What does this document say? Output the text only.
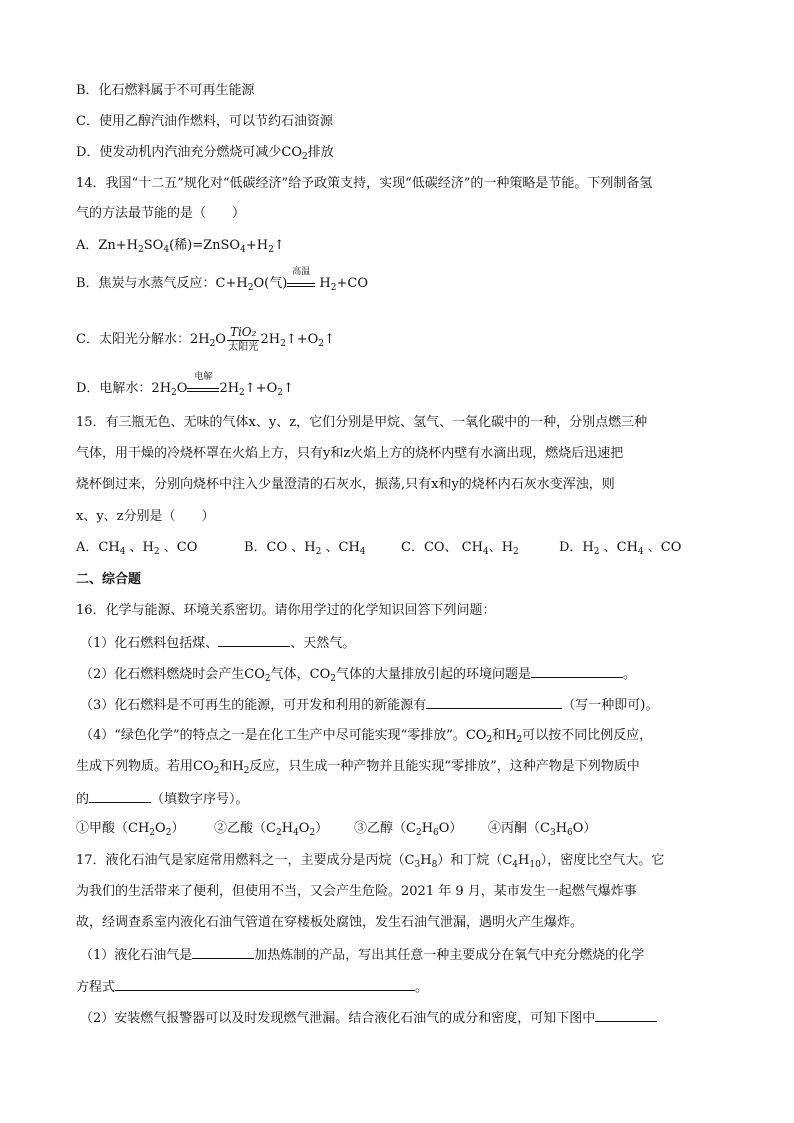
B．化石燃料属于不可再生能源
C．使用乙醇汽油作燃料，可以节约石油资源
D．使发动机内汽油充分燃烧可减少$CO_2$排放
14．我国“十二五”规化对“低碳经济”给予政策支持，实现“低碳经济”的一种策略是节能。下列制备氢
气的方法最节能的是（　　）
A．$Zn+H_2SO_4$(稀)$=ZnSO_4+H_2↑$
B．焦炭与水蒸气反应：$C+H_2O$(气)
高温
$H_2+CO$
C．太阳光分解水：$2H_2O \frac{\text{TiO₂}}{\text{太阳光}}$ $2H_2↑+O_2↑$
D．电解水：$2H_2O$
电解
$2H_2↑+O_2↑$
15．有三瓶无色、无味的气体x、y、z，它们分别是甲烷、氢气、一氧化碳中的一种，分别点燃三种
气体，用干燥的冷烧杯罩在火焰上方，只有y和z火焰上方的烧杯内壁有水滴出现，燃烧后迅速把
烧杯倒过来，分别向烧杯中注入少量澄清的石灰水，振荡,只有x和y的烧杯内石灰水变浑浊，则
x、y、z分别是（　　）
A．$CH_4$ 、$H_2$ 、CO	B．CO 、$H_2$ 、$CH_4$	C．CO、 $CH_4$、$H_2$	D．$H_2$ 、$CH_4$ 、CO
二、综合题
16．化学与能源、环境关系密切。请你用学过的化学知识回答下列问题：
（1）化石燃料包括煤、	、天然气。
（2）化石燃料燃烧时会产生$CO_2$气体，$CO_2$气体的大量排放引起的环境问题是	。
（3）化石燃料是不可再生的能源，可开发和利用的新能源有	（写一种即可)。
（4）“绿色化学”的特点之一是在化工生产中尽可能实现“零排放”。$CO_2$和$H_2$可以按不同比例反应，
生成下列物质。若用$CO_2$和$H_2$反应，只生成一种产物并且能实现“零排放”，这种产物是下列物质中
的	（填数字序号）。
①甲酸$(CH_2O_2)$ ②乙酸$(C_2H_4O_2)$ ③乙醇$(C_2H_6O)$ ④丙酮$(C_3H_6O)$
17．液化石油气是家庭常用燃料之一，主要成分是丙烷$(C_3H_8)$和丁烷$(C_4H_{10})$，密度比空气大。它
为我们的生活带来了便利，但使用不当，又会产生危险。2021 年 9 月，某市发生一起燃气爆炸事
故，经调查系室内液化石油气管道在穿楼板处腐蚀，发生石油气泄漏，遇明火产生爆炸。
（1）液化石油气是	加热炼制的产品，写出其任意一种主要成分在氧气中充分燃烧的化学
方程式	。
（2）安装燃气报警器可以及时发现燃气泄漏。结合液化石油气的成分和密度，可知下图中
